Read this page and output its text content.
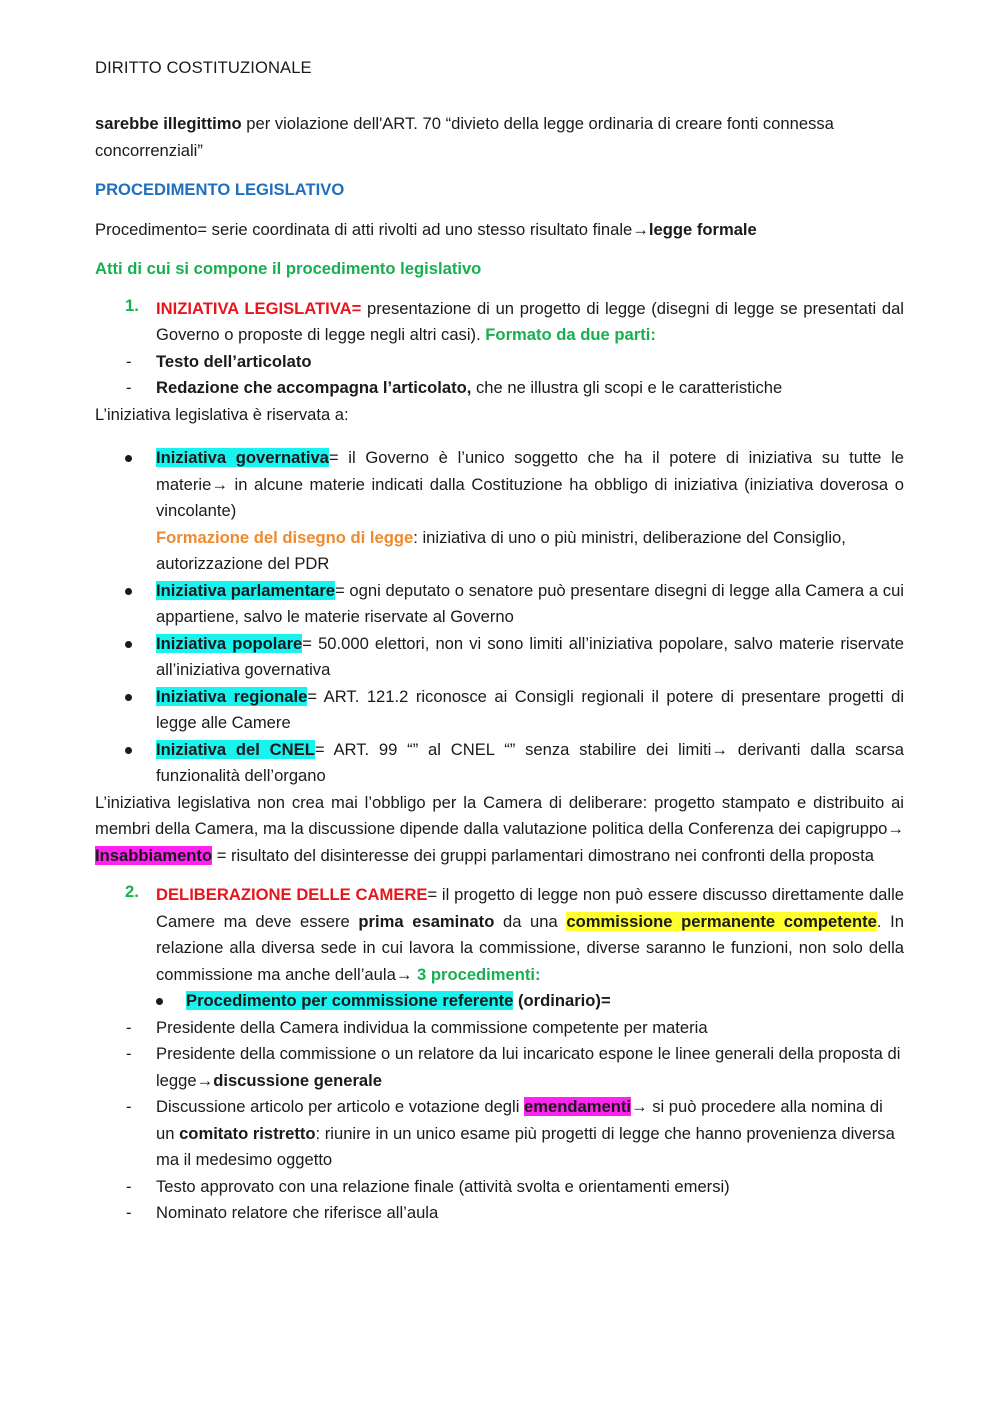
DIRITTO COSTITUZIONALE

sarebbe illegittimo per violazione dell'ART. 70 “divieto della legge ordinaria di creare fonti connessa concorrenziali”

PROCEDIMENTO LEGISLATIVO

Procedimento= serie coordinata di atti rivolti ad uno stesso risultato finale→legge formale

Atti di cui si compone il procedimento legislativo

1. INIZIATIVA LEGISLATIVA= presentazione di un progetto di legge (disegni di legge se presentati dal Governo o proposte di legge negli altri casi). Formato da due parti:

- Testo dell’articolato
- Redazione che accompagna l’articolato, che ne illustra gli scopi e le caratteristiche

L’iniziativa legislativa è riservata a:

Iniziativa governativa= il Governo è l’unico soggetto che ha il potere di iniziativa su tutte le materie→ in alcune materie indicati dalla Costituzione ha obbligo di iniziativa (iniziativa doverosa o vincolante)
Formazione del disegno di legge: iniziativa di uno o più ministri, deliberazione del Consiglio, autorizzazione del PDR
Iniziativa parlamentare= ogni deputato o senatore può presentare disegni di legge alla Camera a cui appartiene, salvo le materie riservate al Governo
Iniziativa popolare= 50.000 elettori, non vi sono limiti all’iniziativa popolare, salvo materie riservate all’iniziativa governativa
Iniziativa regionale= ART. 121.2 riconosce ai Consigli regionali il potere di presentare progetti di legge alle Camere
Iniziativa del CNEL= ART. 99 “” al CNEL “” senza stabilire dei limiti→ derivanti dalla scarsa funzionalità dell’organo

L’iniziativa legislativa non crea mai l’obbligo per la Camera di deliberare: progetto stampato e distribuito ai membri della Camera, ma la discussione dipende dalla valutazione politica della Conferenza dei capigruppo→ Insabbiamento = risultato del disinteresse dei gruppi parlamentari dimostrano nei confronti della proposta

2. DELIBERAZIONE DELLE CAMERE= il progetto di legge non può essere discusso direttamente dalle Camere ma deve essere prima esaminato da una commissione permanente competente. In relazione alla diversa sede in cui lavora la commissione, diverse saranno le funzioni, non solo della commissione ma anche dell’aula→ 3 procedimenti:

Procedimento per commissione referente (ordinario)=
- Presidente della Camera individua la commissione competente per materia
- Presidente della commissione o un relatore da lui incaricato espone le linee generali della proposta di legge→discussione generale
- Discussione articolo per articolo e votazione degli emendamenti→ si può procedere alla nomina di un comitato ristretto: riunire in un unico esame più progetti di legge che hanno provenienza diversa ma il medesimo oggetto
- Testo approvato con una relazione finale (attività svolta e orientamenti emersi)
- Nominato relatore che riferisce all’aula
